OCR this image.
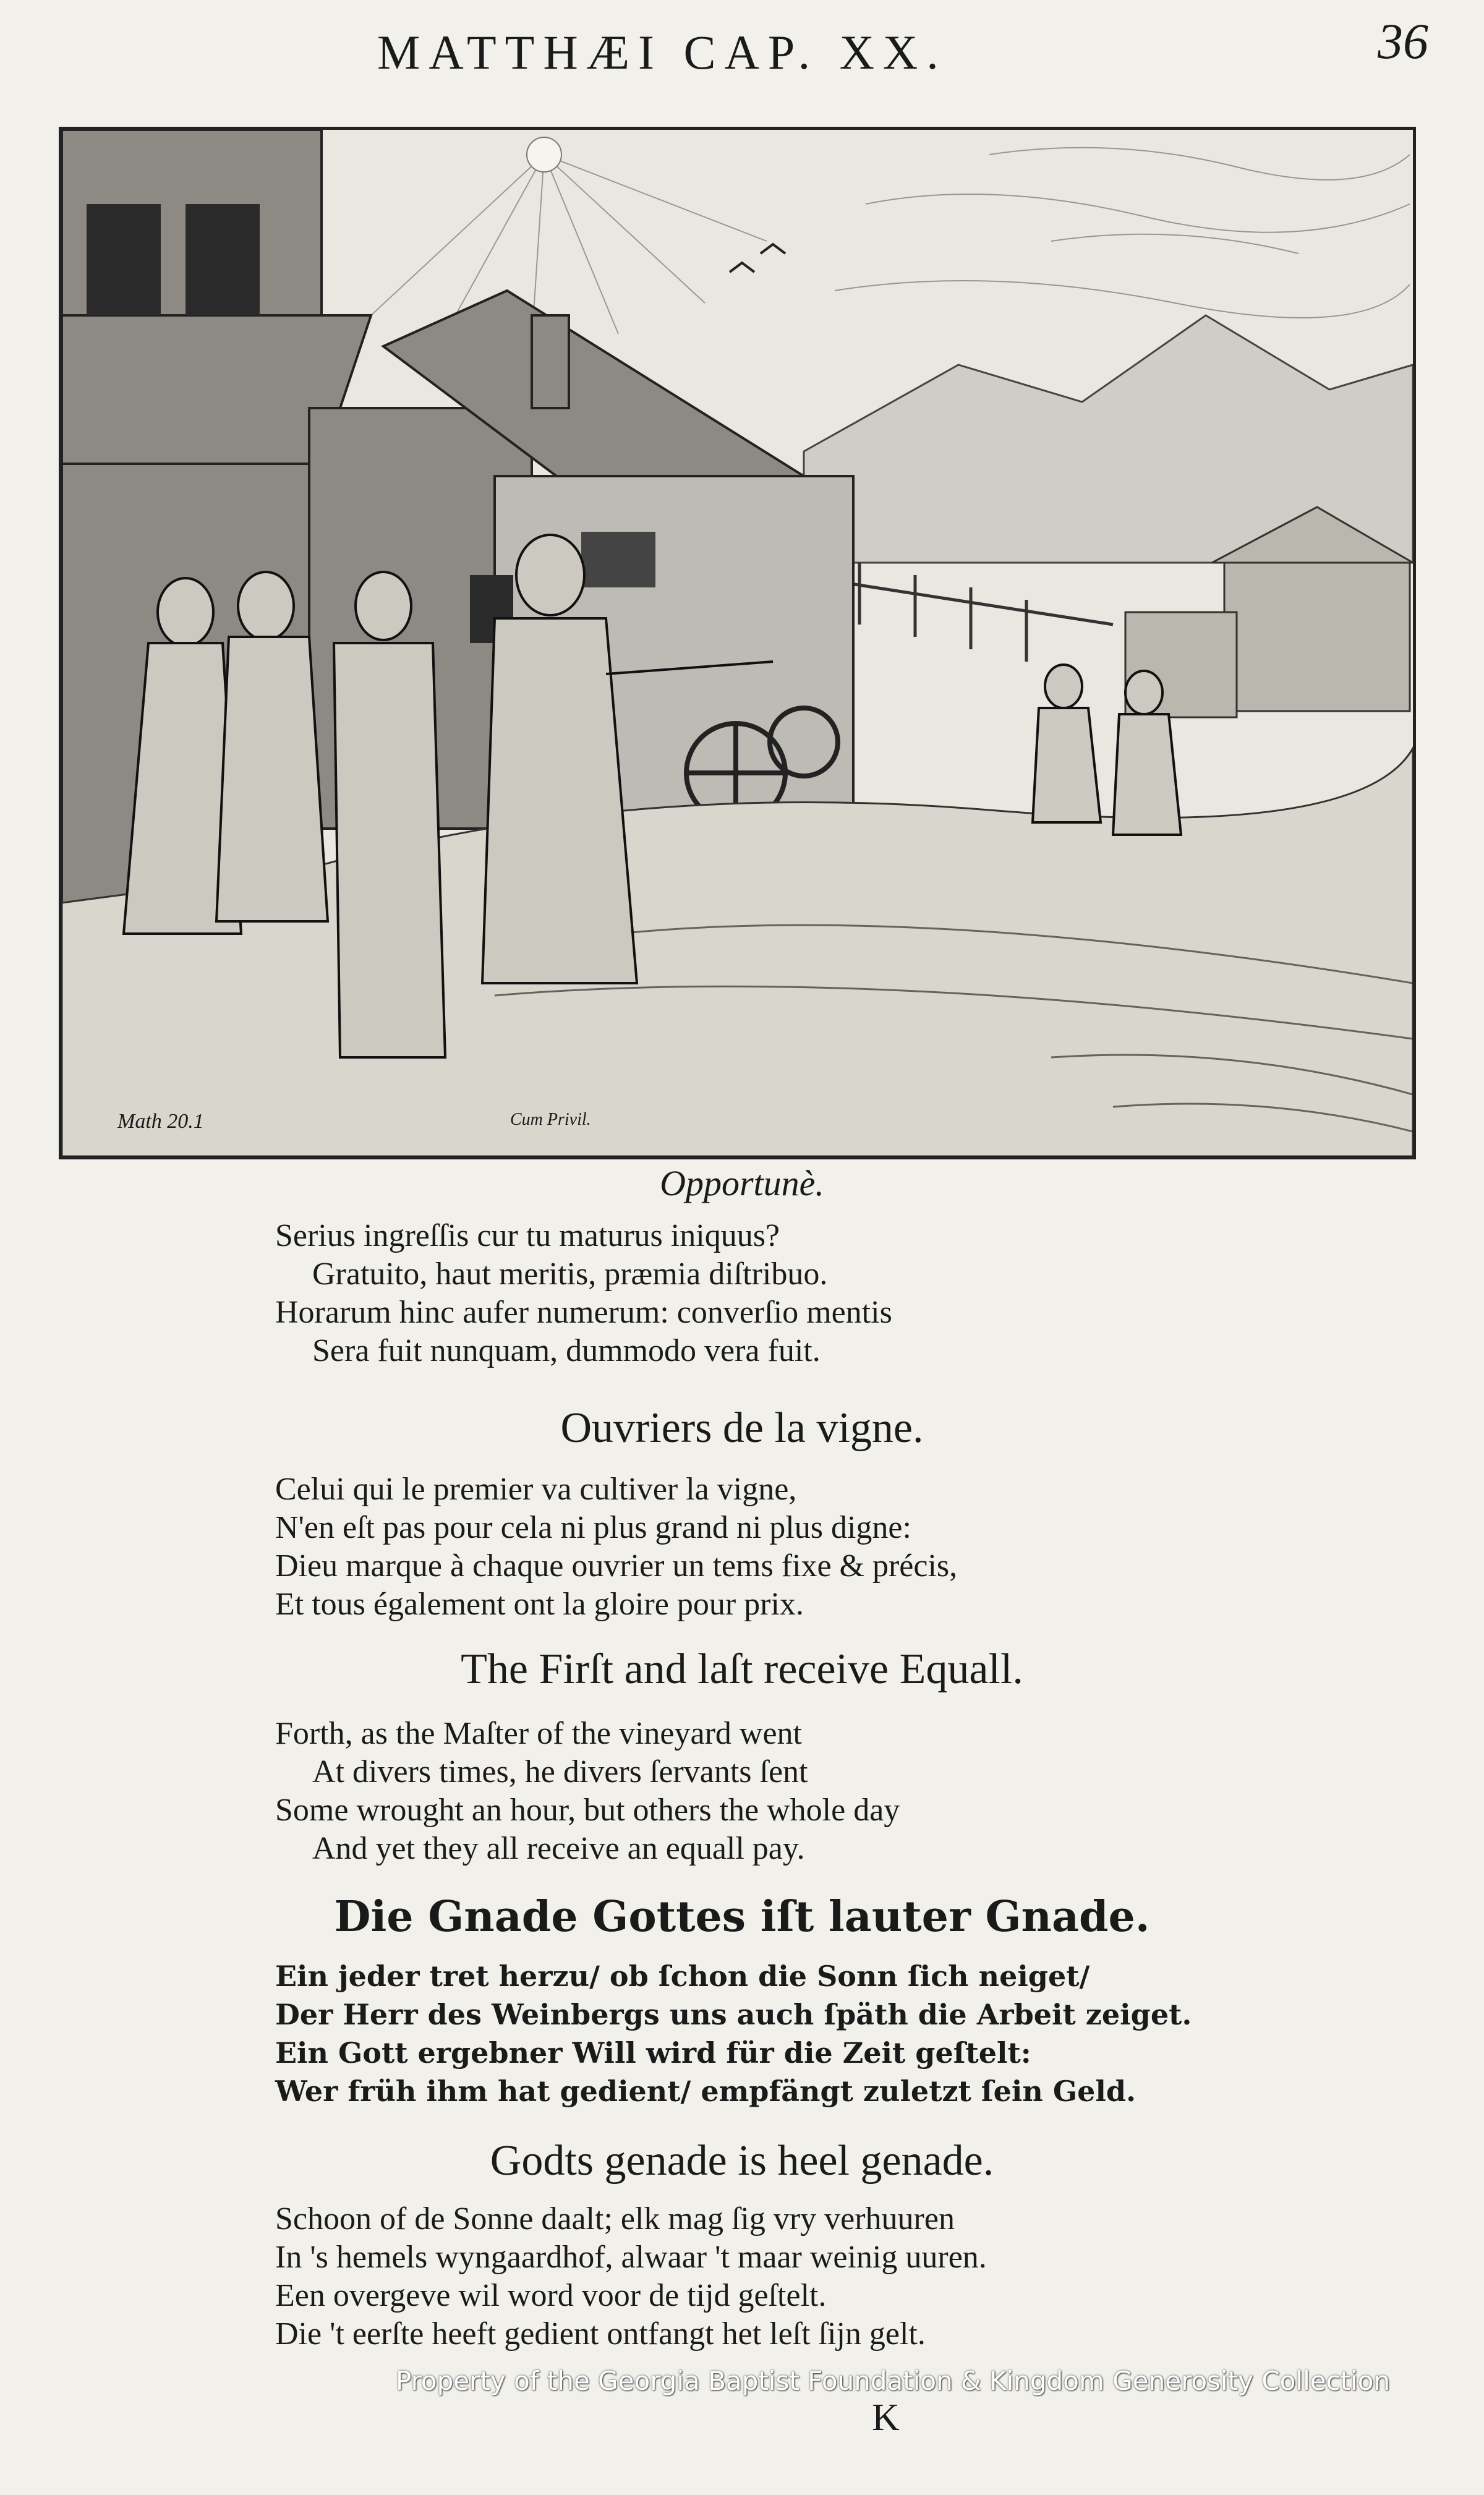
MATTHÆI CAP. XX.	36
Math 20.1	Cum Privil.
Opportunè.
Serius ingreſſis cur tu maturus iniquus?
Gratuito, haut meritis, præmia diſtribuo.
Horarum hinc aufer numerum: converſio mentis
Sera fuit nunquam, dummodo vera fuit.
Ouvriers de la vigne.
Celui qui le premier va cultiver la vigne,
N'en eſt pas pour cela ni plus grand ni plus digne:
Dieu marque à chaque ouvrier un tems fixe & précis,
Et tous également ont la gloire pour prix.
The Firſt and laſt receive Equall.
Forth, as the Maſter of the vineyard went
At divers times, he divers ſervants ſent
Some wrought an hour, but others the whole day
And yet they all receive an equall pay.
Die Gnade Gottes iſt lauter Gnade.
Ein jeder tret herzu/ ob ſchon die Sonn ſich neiget/
Der Herr des Weinbergs uns auch ſpäth die Arbeit zeiget.
Ein Gott ergebner Will wird für die Zeit geſtelt:
Wer früh ihm hat gedient/ empfängt zuletzt ſein Geld.
Godts genade is heel genade.
Schoon of de Sonne daalt; elk mag ſig vry verhuuren
In 's hemels wyngaardhof, alwaar 't maar weinig uuren.
Een overgeve wil word voor de tijd geſtelt.
Die 't eerſte heeft gedient ontfangt het leſt ſijn gelt.
Property of the Georgia Baptist Foundation & Kingdom Generosity Collection
K
